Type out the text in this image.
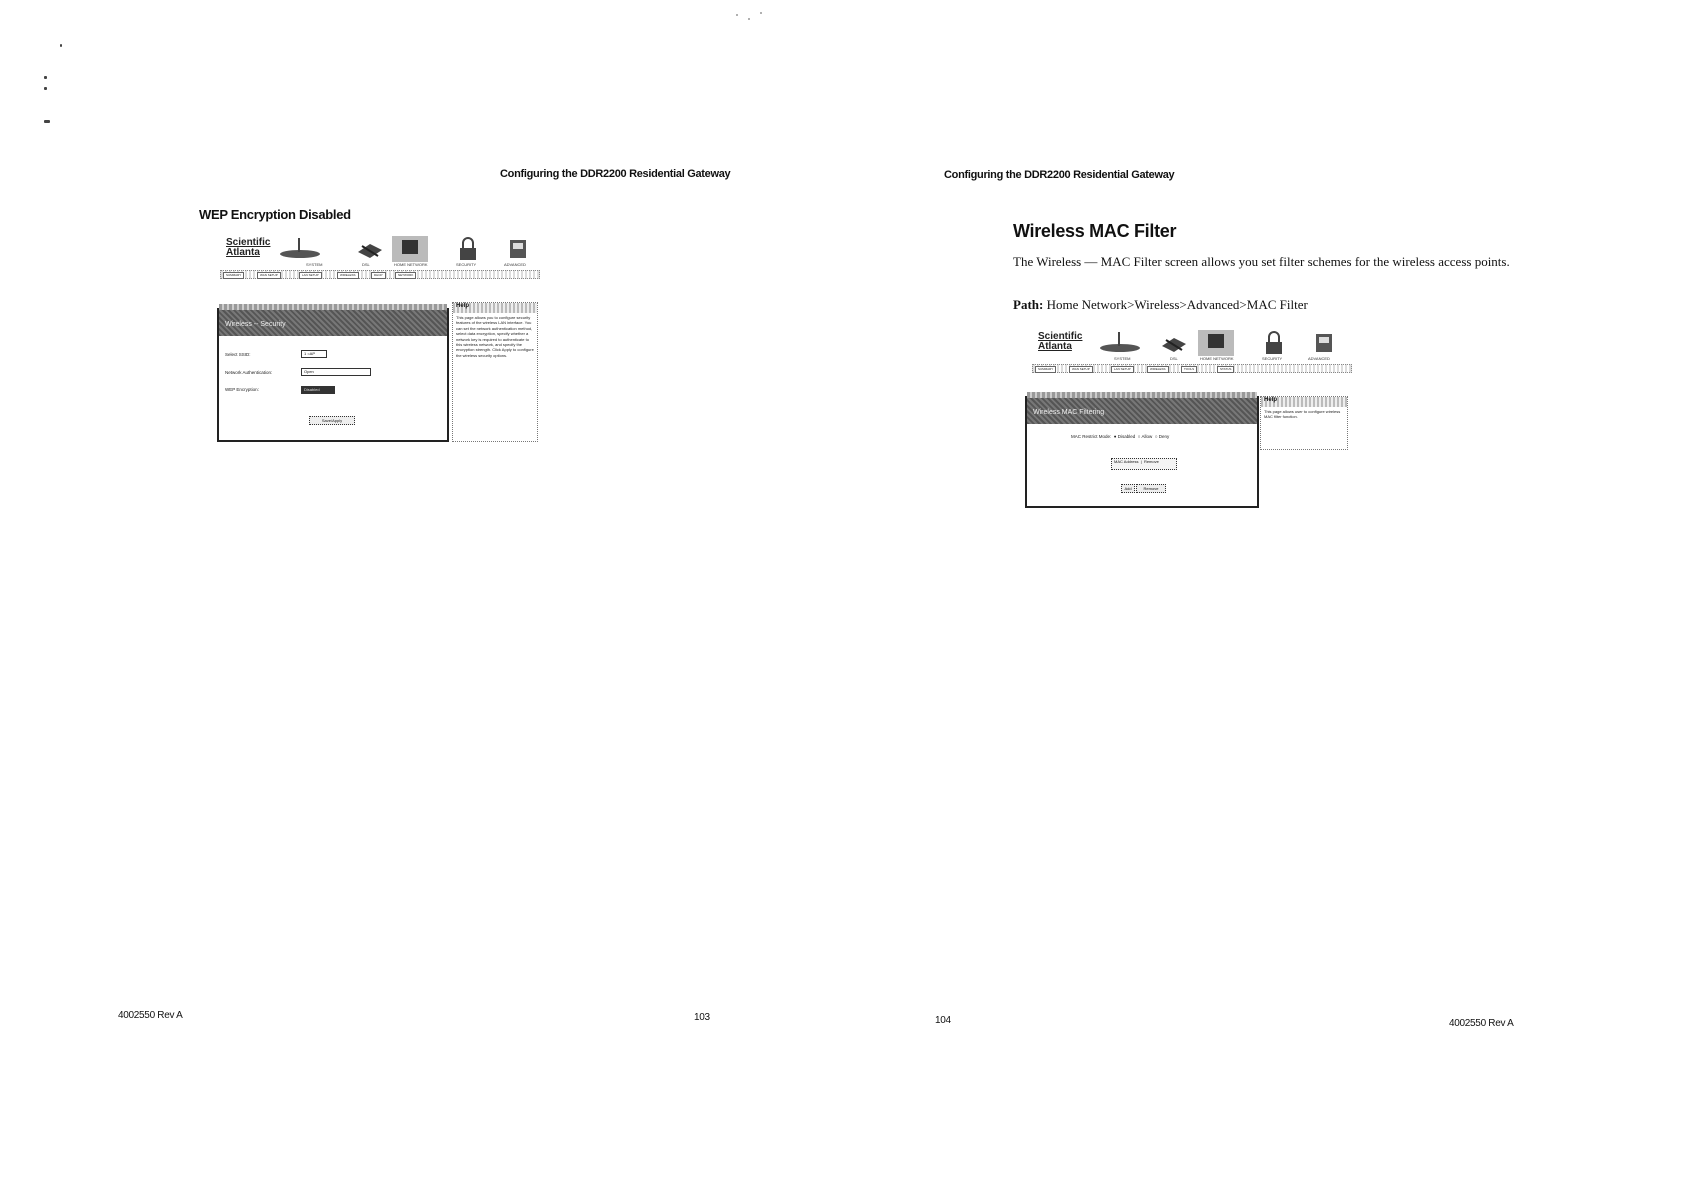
Configuring the DDR2200 Residential Gateway
WEP Encryption Disabled
Scientific
Atlanta
SYSTEM	DSL	HOME NETWORK	SECURITY	ADVANCED
SUMMARY	WAN SETUP	LAN SETUP	WIRELESS	DHCP	NETWORK
Wireless -- Security
Select SSID:	1 =AP
Network Authentication:	Open
WEP Encryption:	Disabled
Save/Apply
Help
This page allows you to configure security features of the wireless LAN interface. You can set the network authentication method, select data encryption, specify whether a network key is required to authenticate to this wireless network, and specify the encryption strength. Click Apply to configure the wireless security options.
4002550 Rev A	103
Configuring the DDR2200 Residential Gateway
Wireless MAC Filter
The Wireless — MAC Filter screen allows you set filter schemes for the wireless access points.
Path: Home Network>Wireless>Advanced>MAC Filter
Scientific
Atlanta
SYSTEM	DSL	HOME NETWORK	SECURITY	ADVANCED
SUMMARY	WAN SETUP	LAN SETUP	WIRELESS	TOOLS	STATUS
Wireless MAC Filtering
MAC Restrict Mode: ● Disabled ○ Allow ○ Deny
MAC Address  |  Remove
Add	Remove
Help
This page allows user to configure wireless MAC filter function.
104	4002550 Rev A
